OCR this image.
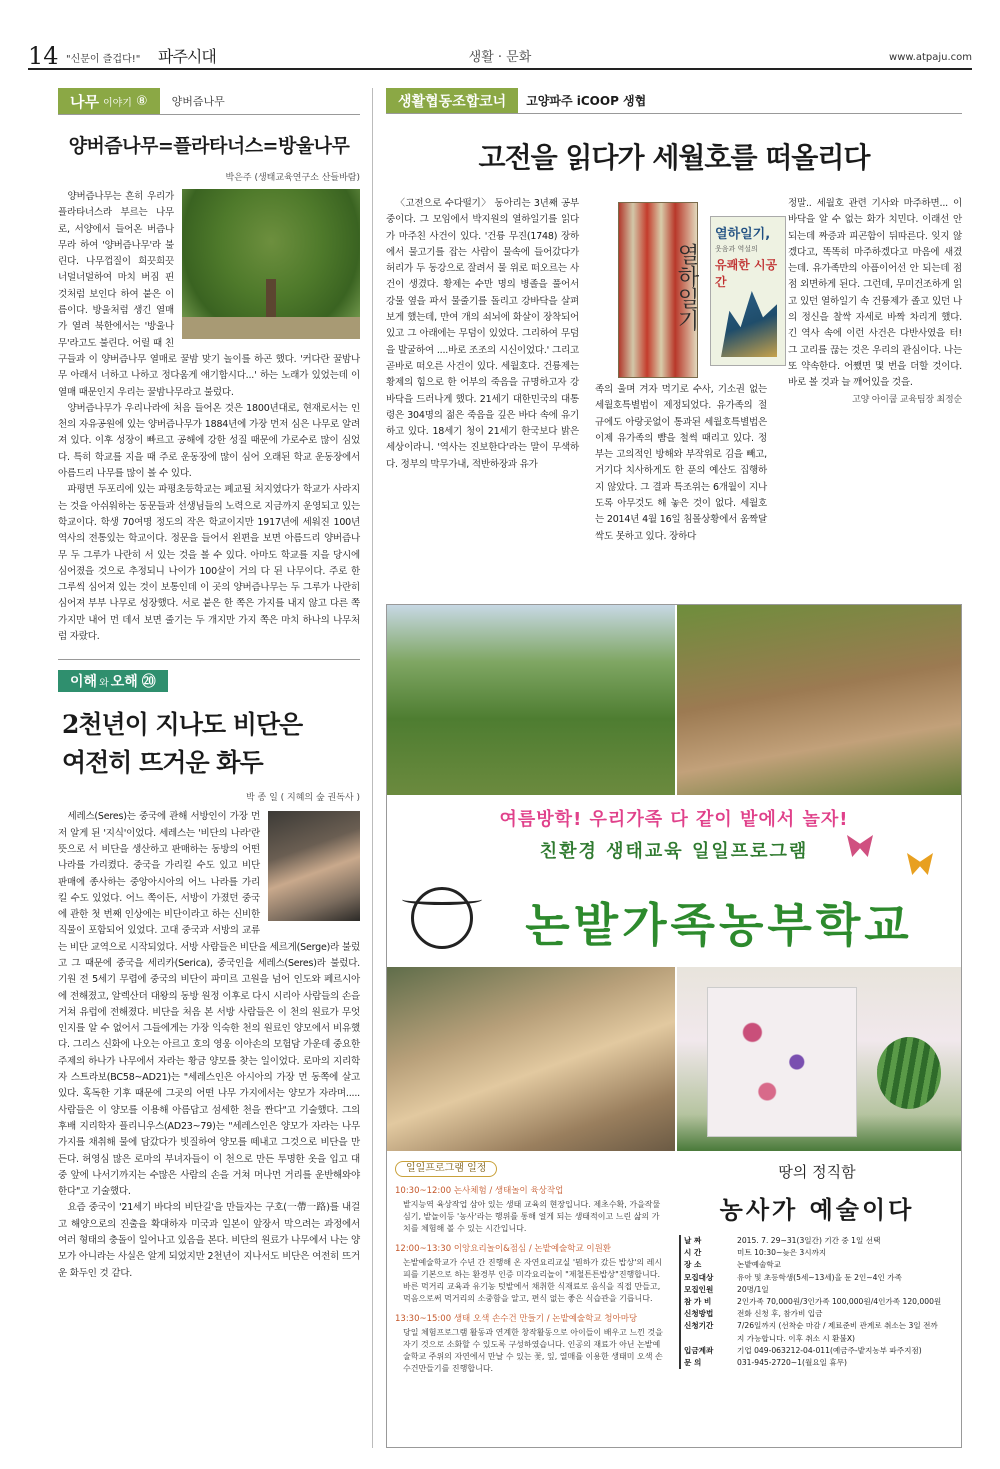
14 "신문이 즐겁다!" 파주시대	생활 · 문화	www.atpaju.com
나무 이야기 ⑧	양버즘나무
양버즘나무=플라타너스=방울나무
박은주 (생태교육연구소 산들바람)

양버즘나무는 흔히 우리가 플라타너스라 부르는 나무로, 서양에서 들어온 버즘나무라 하여 '양버즘나무'라 불린다. 나무껍질이 희끗희끗 너덜너덜하여 마치 버짐 핀 것처럼 보인다 하여 붙은 이름이다. 방울처럼 생긴 열매가 열려 북한에서는 '방울나무'라고도 불린다. 어릴 때 친구들과 이 양버즘나무 열매로 꿀밤 맞기 놀이를 하곤 했다. '커다란 꿀밤나무 아래서 너하고 나하고 정다움게 얘기합시다...' 하는 노래가 있었는데 이 열매 때문인지 우리는 꿀밤나무라고 불렀다.

양버즘나무가 우리나라에 처음 들어온 것은 1800년대로, 현재로서는 인천의 자유공원에 있는 양버즘나무가 1884년에 가장 먼저 심은 나무로 알려져 있다. 이후 성장이 빠르고 공해에 강한 성질 때문에 가로수로 많이 심었다. 특히 학교를 지을 때 주로 운동장에 많이 심어 오래된 학교 운동장에서 아름드리 나무를 많이 볼 수 있다.

파평면 두포리에 있는 파평초등학교는 폐교될 처지였다가 학교가 사라지는 것을 아쉬워하는 동문들과 선생님들의 노력으로 지금까지 운영되고 있는 학교이다. 학생 70여명 정도의 작은 학교이지만 1917년에 세워진 100년 역사의 전통있는 학교이다. 정문을 들어서 왼편을 보면 아름드리 양버즘나무 두 그루가 나란히 서 있는 것을 볼 수 있다. 아마도 학교를 지을 당시에 심어졌을 것으로 추정되니 나이가 100살이 거의 다 된 나무이다. 주로 한 그루씩 심어져 있는 것이 보통인데 이 곳의 양버즘나무는 두 그루가 나란히 심어져 부부 나무로 성장했다. 서로 붙은 한 쪽은 가지를 내지 않고 다른 쪽 가지만 내어 먼 데서 보면 줄기는 두 개지만 가지 쪽은 마치 하나의 나무처럼 자랐다.

이해 와 오해 ⑳
2천년이 지나도 비단은
여전히 뜨거운 화두
박 종 일 ( 지혜의 숲 권독사 )

세레스(Seres)는 중국에 관해 서방인이 가장 먼저 알게 된 '지식'이었다. 세레스는 '비단의 나라'란 뜻으로 서 비단을 생산하고 판매하는 동방의 어떤 나라를 가리켰다. 중국을 가리킬 수도 있고 비단 판매에 종사하는 중앙아시아의 어느 나라를 가리킬 수도 있었다. 어느 쪽이든, 서방이 가졌던 중국에 관한 첫 번째 인상에는 비단이라고 하는 신비한 직물이 포함되어 있었다. 고대 중국과 서방의 교류는 비단 교역으로 시작되었다. 서방 사람들은 비단을 세르게(Serge)라 불렀고 그 때문에 중국을 세리카(Serica), 중국인을 세레스(Seres)라 불렀다. 기원 전 5세기 무렵에 중국의 비단이 파미르 고원을 넘어 인도와 페르시아에 전해졌고, 알렉산더 대왕의 동방 원정 이후로 다시 시리아 사람들의 손을 거쳐 유럽에 전해졌다. 비단을 처음 본 서방 사람들은 이 천의 원료가 무엇인지를 알 수 없어서 그들에게는 가장 익숙한 천의 원료인 양모에서 비유했다. 그리스 신화에 나오는 아르고 호의 영웅 이아손의 모험담 가운데 중요한 주제의 하나가 나무에서 자라는 황금 양모를 찾는 일이었다. 로마의 지리학자 스트라보(BC58~AD21)는 "세레스인은 아시아의 가장 먼 동쪽에 살고 있다. 혹독한 기후 때문에 그곳의 어떤 나무 가지에서는 양모가 자라며.....사람들은 이 양모를 이용해 아름답고 섬세한 천을 짠다"고 기술했다. 그의 후배 지리학자 플리니우스(AD23~79)는 "세레스인은 양모가 자라는 나무 가지를 채취해 물에 담갔다가 빗질하여 양모를 떼내고 그것으로 비단을 만든다. 허영심 많은 로마의 부녀자들이 이 천으로 만든 투명한 옷을 입고 대중 앞에 나서기까지는 수많은 사람의 손을 거쳐 머나먼 거리를 운반해와야 한다"고 기술했다.

요즘 중국이 '21세기 바다의 비단길'을 만들자는 구호(一帶一路)를 내걸고 해양으로의 진출을 확대하자 미국과 일본이 앞장서 막으려는 과정에서 여러 형태의 충돌이 일어나고 있음을 본다. 비단의 원료가 나무에서 나는 양모가 아니라는 사실은 알게 되었지만 2천년이 지나서도 비단은 여전히 뜨거운 화두인 것 같다.

생활협동조합코너	고양파주 iCOOP 생협
고전을 읽다가 세월호를 떠올리다

〈고전으로 수다떨기〉 동아리는 3년째 공부중이다. 그 모임에서 박지원의 열하일기를 읽다가 마주친 사건이 있다. '건륭 무진(1748) 장하에서 물고기를 잡는 사람이 물속에 들어갔다가 허리가 두 동강으로 잘려서 물 위로 떠오르는 사건이 생겼다. 황제는 수만 명의 병졸을 풀어서 강물 옆을 파서 물줄기를 돌리고 강바닥을 살펴보게 했는데, 만여 개의 쇠뇌에 화살이 장착되어 있고 그 아래에는 무덤이 있었다. 그리하여 무덤을 발굴하여 ....바로 조조의 시신이었다.' 그리고 곧바로 떠오른 사건이 있다. 세월호다. 건륭제는 황제의 힘으로 한 어부의 죽음을 규명하고자 강바닥을 드러나게 했다. 21세기 대한민국의 대통령은 304명의 젊은 죽음을 깊은 바다 속에 유기하고 있다. 18세기 청이 21세기 한국보다 밝은 세상이라니. '역사는 진보한다'라는 말이 무색하다. 정부의 막무가내, 적반하장과 유가

열하일기
열하일기,
웃음과 역설의
유쾌한 시공간

족의 울며 겨자 먹기로 수사, 기소권 없는 세월호특별법이 제정되었다. 유가족의 절규에도 아랑곳없이 통과된 세월호특별법은 이제 유가족의 뺨을 철썩 때리고 있다. 정부는 고의적인 방해와 부작위로 김을 빼고, 거기다 치사하게도 한 푼의 예산도 집행하지 않았다. 그 결과 특조위는 6개월이 지나도록 아무것도 해 놓은 것이 없다. 세월호는 2014년 4월 16일 침몰상황에서 움짝달싹도 못하고 있다. 장하다

정말.. 세월호 관련 기사와 마주하면... 이 바닥을 알 수 없는 화가 치민다. 이래선 안 되는데 짜증과 피곤함이 뒤따른다. 잊지 않겠다고, 똑똑히 마주하겠다고 마음에 새겼는데. 유가족만의 아픔이어선 안 되는데 점점 외면하게 된다. 그런데, 무미건조하게 읽고 있던 열하일기 속 건륭제가 졸고 있던 나의 정신을 찰싹 자세로 바짝 차리게 했다. 긴 역사 속에 이런 사건은 다반사였을 터! 그 고리를 끊는 것은 우리의 관심이다. 나는 또 약속한다. 어쨌면 몇 번을 더할 것이다. 바로 볼 것과 늘 깨어있을 것을.

고양 아이쿱 교육팀장 최정순
여름방학! 우리가족 다 같이 밭에서 놀자!
친환경 생태교육 일일프로그램
논밭가족농부학교
일일프로그램 일정
10:30~12:00 논사체험 / 생태놀이 육상작업
밭지능역 육상작업 삼아 있는 생태 교육의 현장입니다. 제초수확, 가을작물 심기, 밭놀이등 '농사'라는 행위를 통해 얼게 되는 생태적이고 느린 삶의 가치를 체험해 볼 수 있는 시간입니다.
12:00~13:30 이앙요리놀이&점심 / 논밭예술학교 이원환
논밭예술학교가 수년 간 진행해 온 자연요리교실 '뭔하가 갔든 밥상'의 레시피를 기본으로 하는 환경부 인증 미각요리놀이 "제철튼튼밥상"진행합니다. 바른 먹거리 교육과 유기농 텃밭에서 채취한 식재료로 음식을 직접 만들고, 먹음으로써 먹거리의 소중함을 알고, 편식 없는 좋은 식습관을 기릅니다.
13:30~15:00 생태 오색 손수건 만들기 / 논밭예술학교 청아마당
당일 체험프로그램 활동과 연계한 창작활동으로 아이들이 배우고 느낀 것을 자기 것으로 소화할 수 있도록 구성하였습니다. 인공의 재료가 아닌 논밭예술학교 주위의 자연에서 만날 수 있는 꽃, 잎, 열매를 이용한 생태미 오색 손수건만들기를 진행합니다.
땅의 정직함
농사가 예술이다
날 짜	2015. 7. 29~31(3일간) 기간 중 1일 선택
시 간	미트 10:30~늦은 3시까지
장 소	논밭예술학교
모집대상	유아 및 초등학생(5세~13세)을 둔 2인~4인 가족
모집인원	20명/1일
참 가 비	2인가족 70,000원/3인가족 100,000원/4인가족 120,000원
신청방법	전화 신청 후, 참가비 입금
신청기간	7/26일까지 (선착순 마감 / 제료준비 관계로 취소는 3일 전까지 가능합니다. 이후 취소 시 환불X)
입금계좌	기업 049-063212-04-011(예금주-밭지농부 파주지점)
문 의	031-945-2720~1(월요일 휴무)
